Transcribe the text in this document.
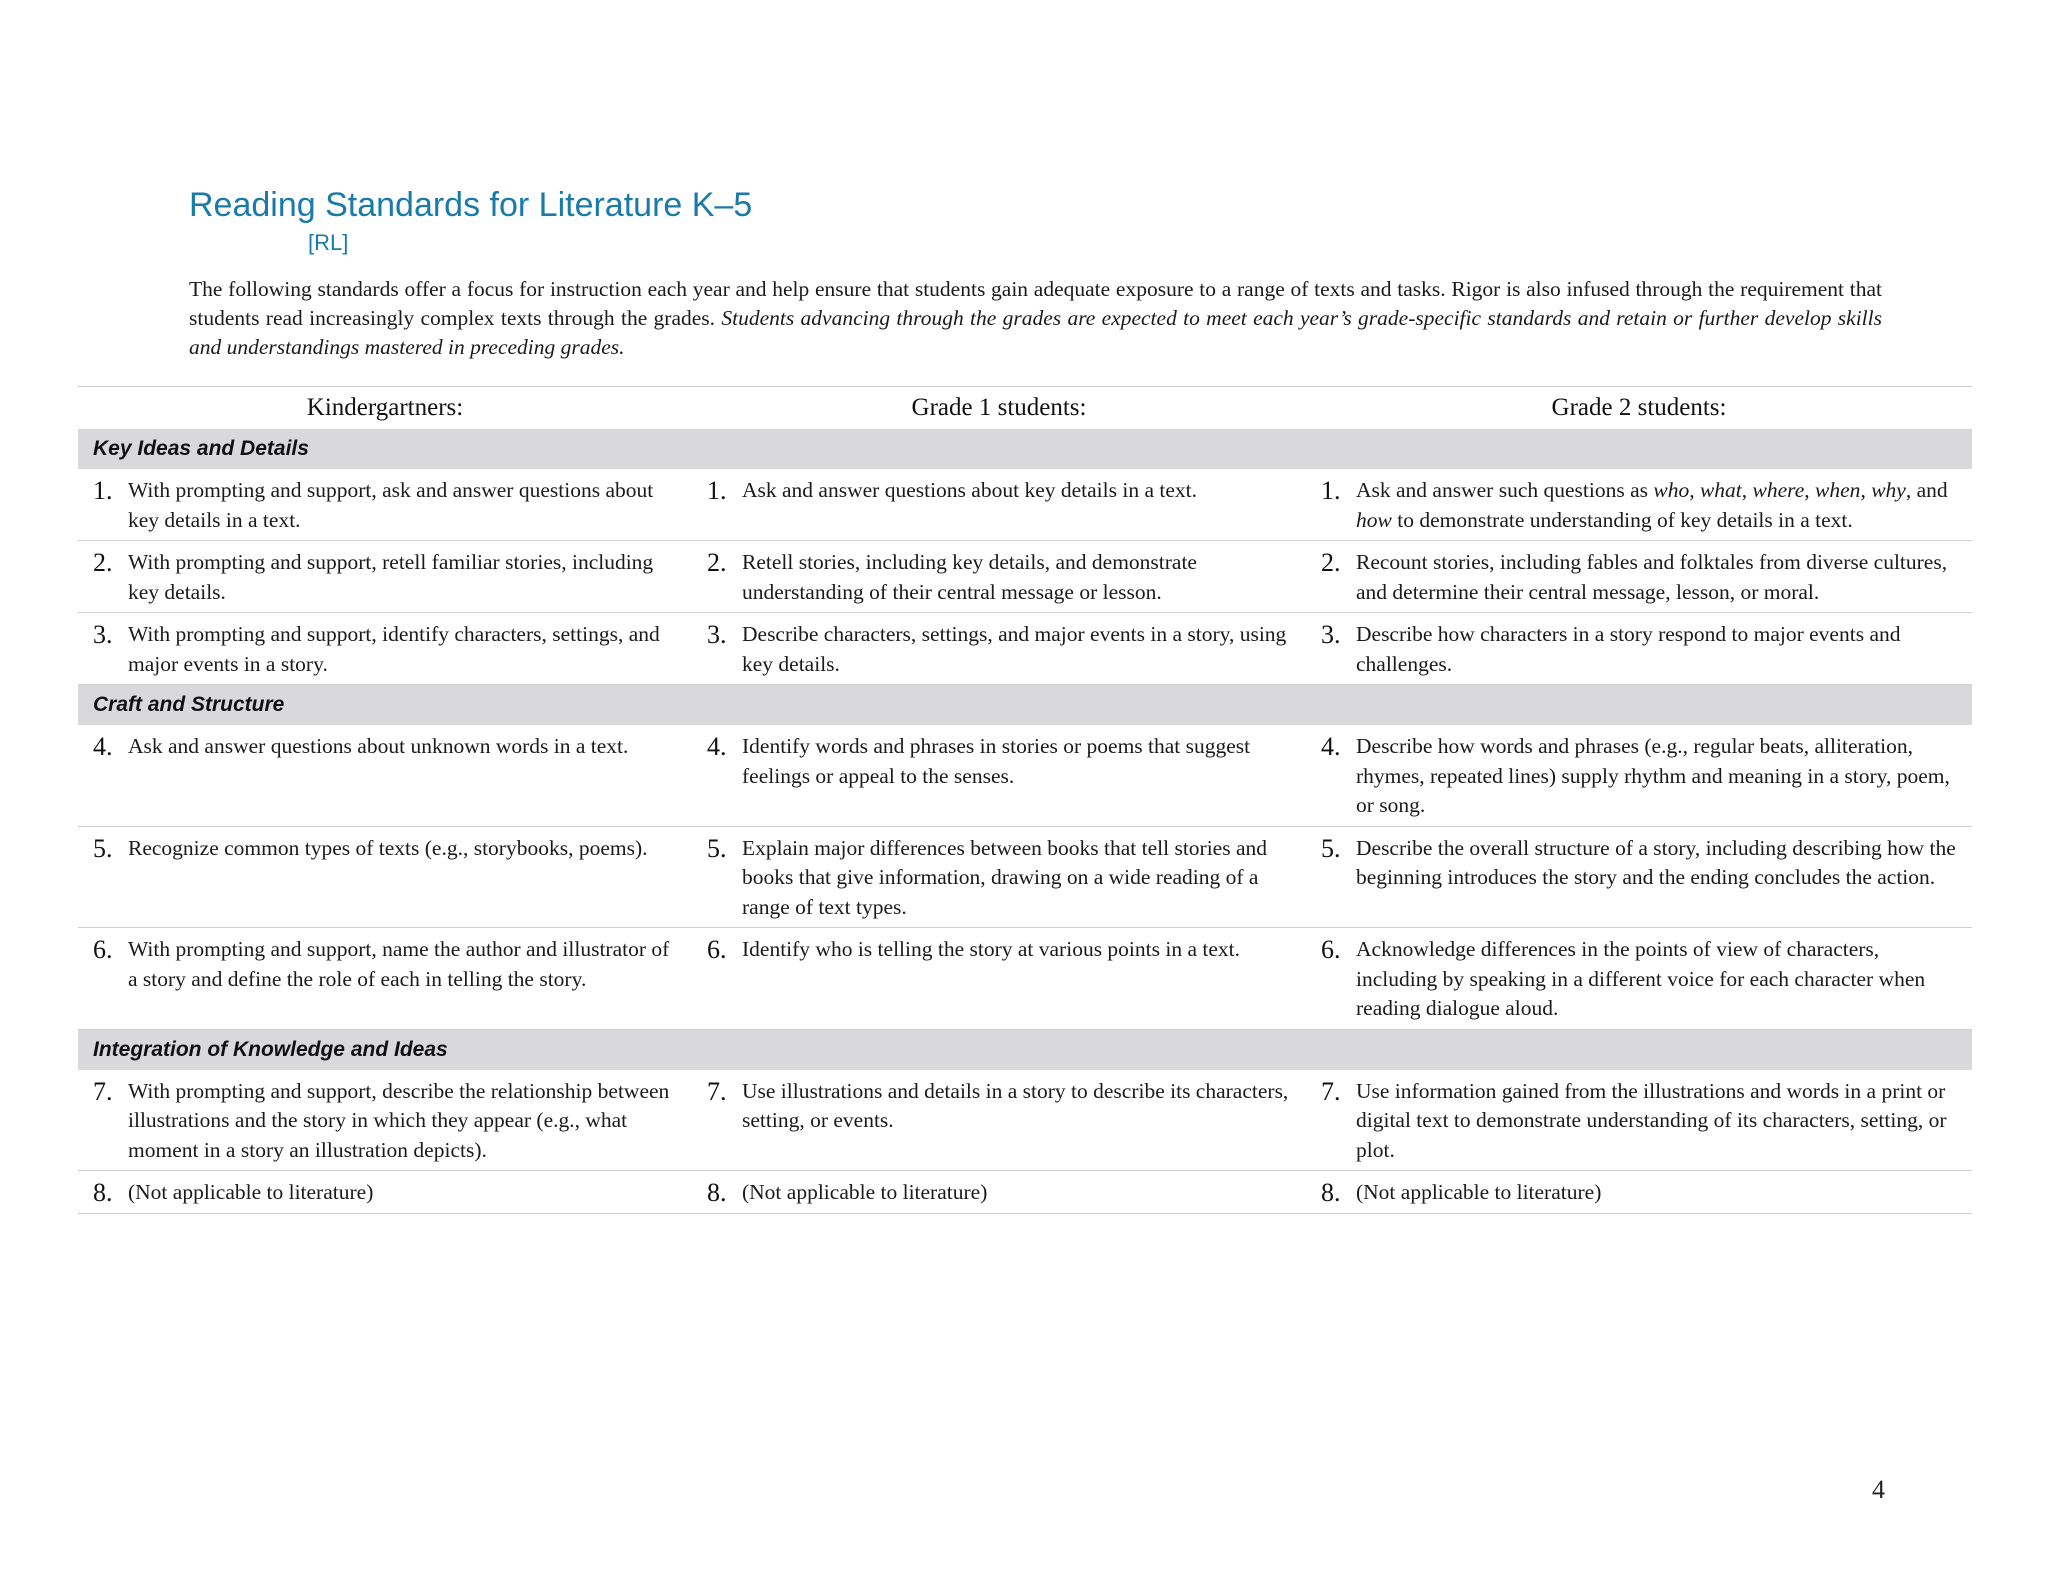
Reading Standards for Literature K–5
[RL]

The following standards offer a focus for instruction each year and help ensure that students gain adequate exposure to a range of texts and tasks. Rigor is also infused through the requirement that students read increasingly complex texts through the grades. Students advancing through the grades are expected to meet each year’s grade-specific standards and retain or further develop skills and understandings mastered in preceding grades.

Kindergartners:	Grade 1 students:	Grade 2 students:
Key Ideas and Details		

1. With prompting and support, ask and answer questions about key details in a text.	1. Ask and answer questions about key details in a text.	1. Ask and answer such questions as who, what, where, when, why, and how to demonstrate understanding of key details in a text.

2. With prompting and support, retell familiar stories, including key details.	2. Retell stories, including key details, and demonstrate understanding of their central message or lesson.	2. Recount stories, including fables and folktales from diverse cultures, and determine their central message, lesson, or moral.

3. With prompting and support, identify characters, settings, and major events in a story.	3. Describe characters, settings, and major events in a story, using key details.	3. Describe how characters in a story respond to major events and challenges.

Craft and Structure		

4. Ask and answer questions about unknown words in a text.	4. Identify words and phrases in stories or poems that suggest feelings or appeal to the senses.	4. Describe how words and phrases (e.g., regular beats, alliteration, rhymes, repeated lines) supply rhythm and meaning in a story, poem, or song.

5. Recognize common types of texts (e.g., storybooks, poems).	5. Explain major differences between books that tell stories and books that give information, drawing on a wide reading of a range of text types.	5. Describe the overall structure of a story, including describing how the beginning introduces the story and the ending concludes the action.

6. With prompting and support, name the author and illustrator of a story and define the role of each in telling the story.	6. Identify who is telling the story at various points in a text.	6. Acknowledge differences in the points of view of characters, including by speaking in a different voice for each character when reading dialogue aloud.

Integration of Knowledge and Ideas		

7. With prompting and support, describe the relationship between illustrations and the story in which they appear (e.g., what moment in a story an illustration depicts).	7. Use illustrations and details in a story to describe its characters, setting, or events.	7. Use information gained from the illustrations and words in a print or digital text to demonstrate understanding of its characters, setting, or plot.

8. (Not applicable to literature)	8. (Not applicable to literature)	8. (Not applicable to literature)
4
